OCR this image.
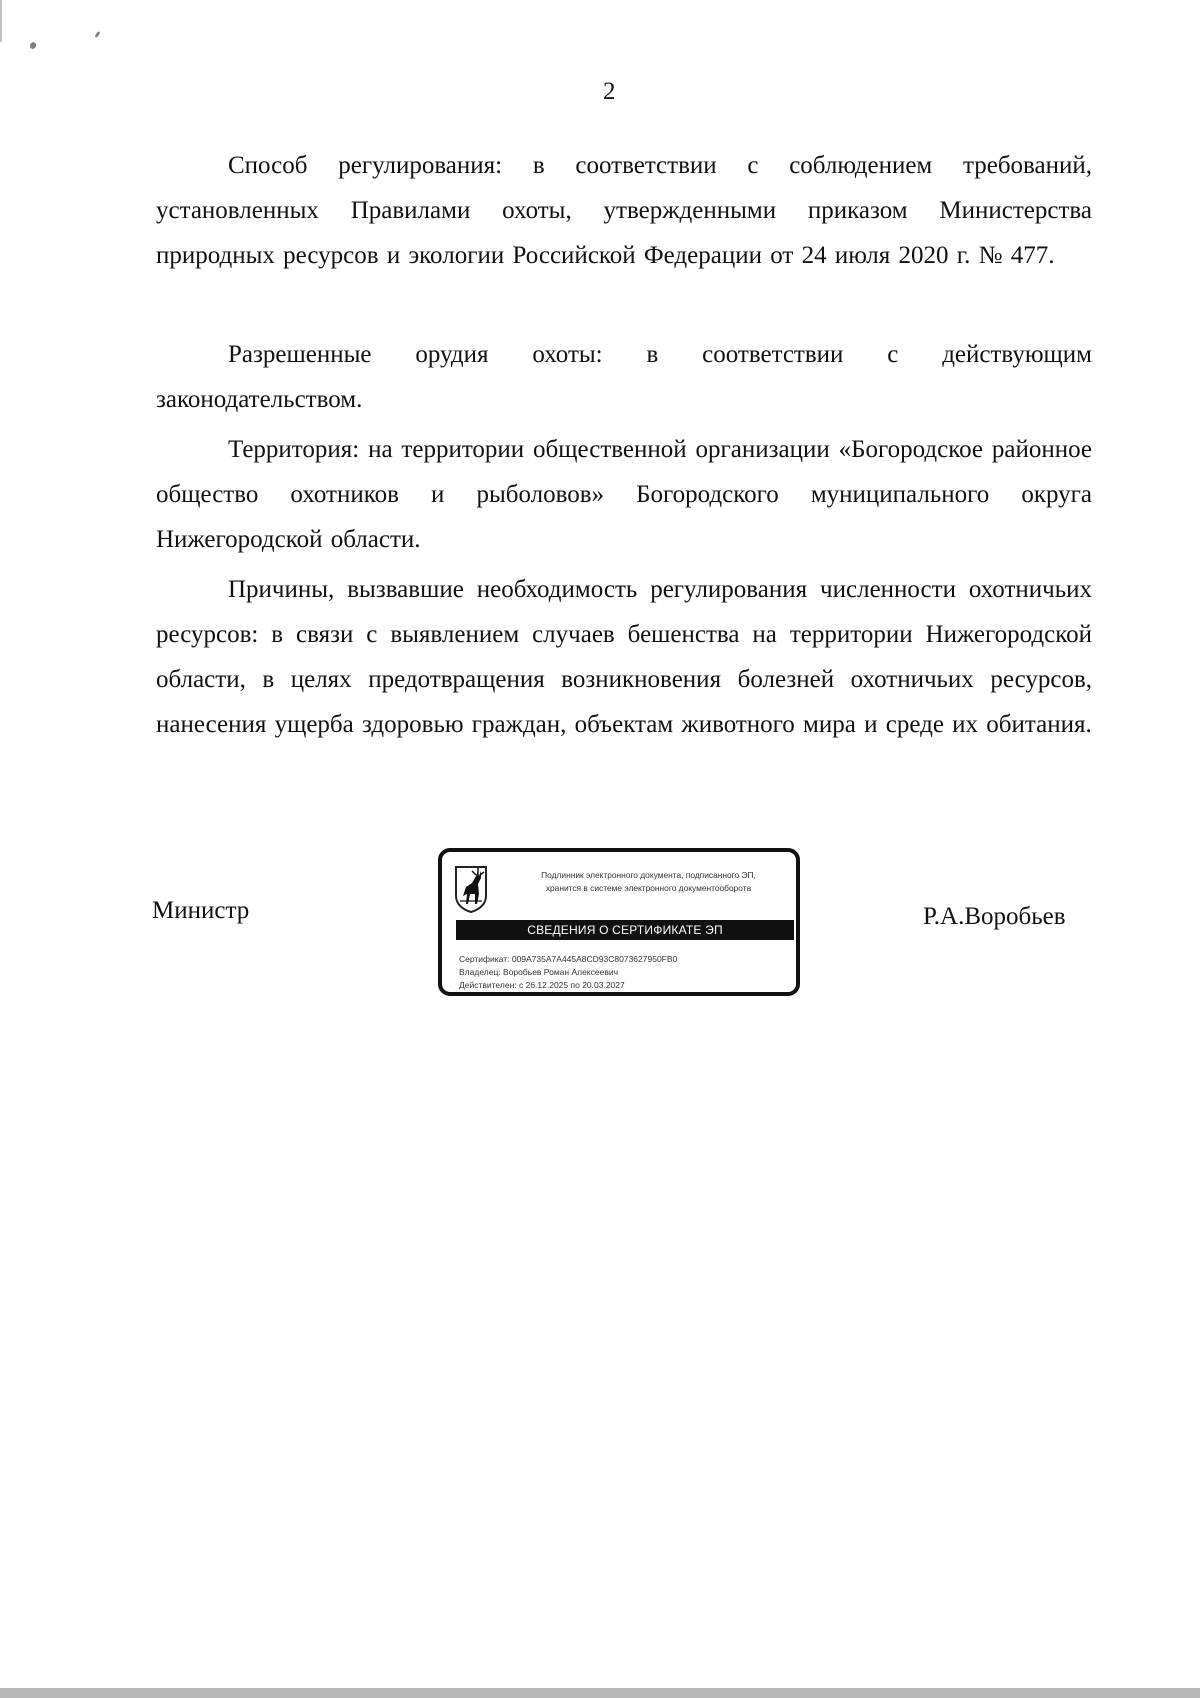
2

Способ регулирования: в соответствии с соблюдением требований, установленных Правилами охоты, утвержденными приказом Министерства природных ресурсов и экологии Российской Федерации от 24 июля 2020 г. № 477.

Разрешенные орудия охоты: в соответствии с действующим законодательством.

Территория: на территории общественной организации «Богородское районное общество охотников и рыболовов» Богородского муниципального округа Нижегородской области.

Причины, вызвавшие необходимость регулирования численности охотничьих ресурсов: в связи с выявлением случаев бешенства на территории Нижегородской области, в целях предотвращения возникновения болезней охотничьих ресурсов, нанесения ущерба здоровью граждан, объектам животного мира и среде их обитания.

Министр
Подлинник электронного документа, подписанного ЭП,
хранится в системе электронного документооборота
СВЕДЕНИЯ О СЕРТИФИКАТЕ ЭП
Сертификат: 009A735A7A445A8CD93C8073627950FB0
Владелец: Воробьев Роман Алексеевич
Действителен: с 26.12.2025 по 20.03.2027
Р.А.Воробьев
